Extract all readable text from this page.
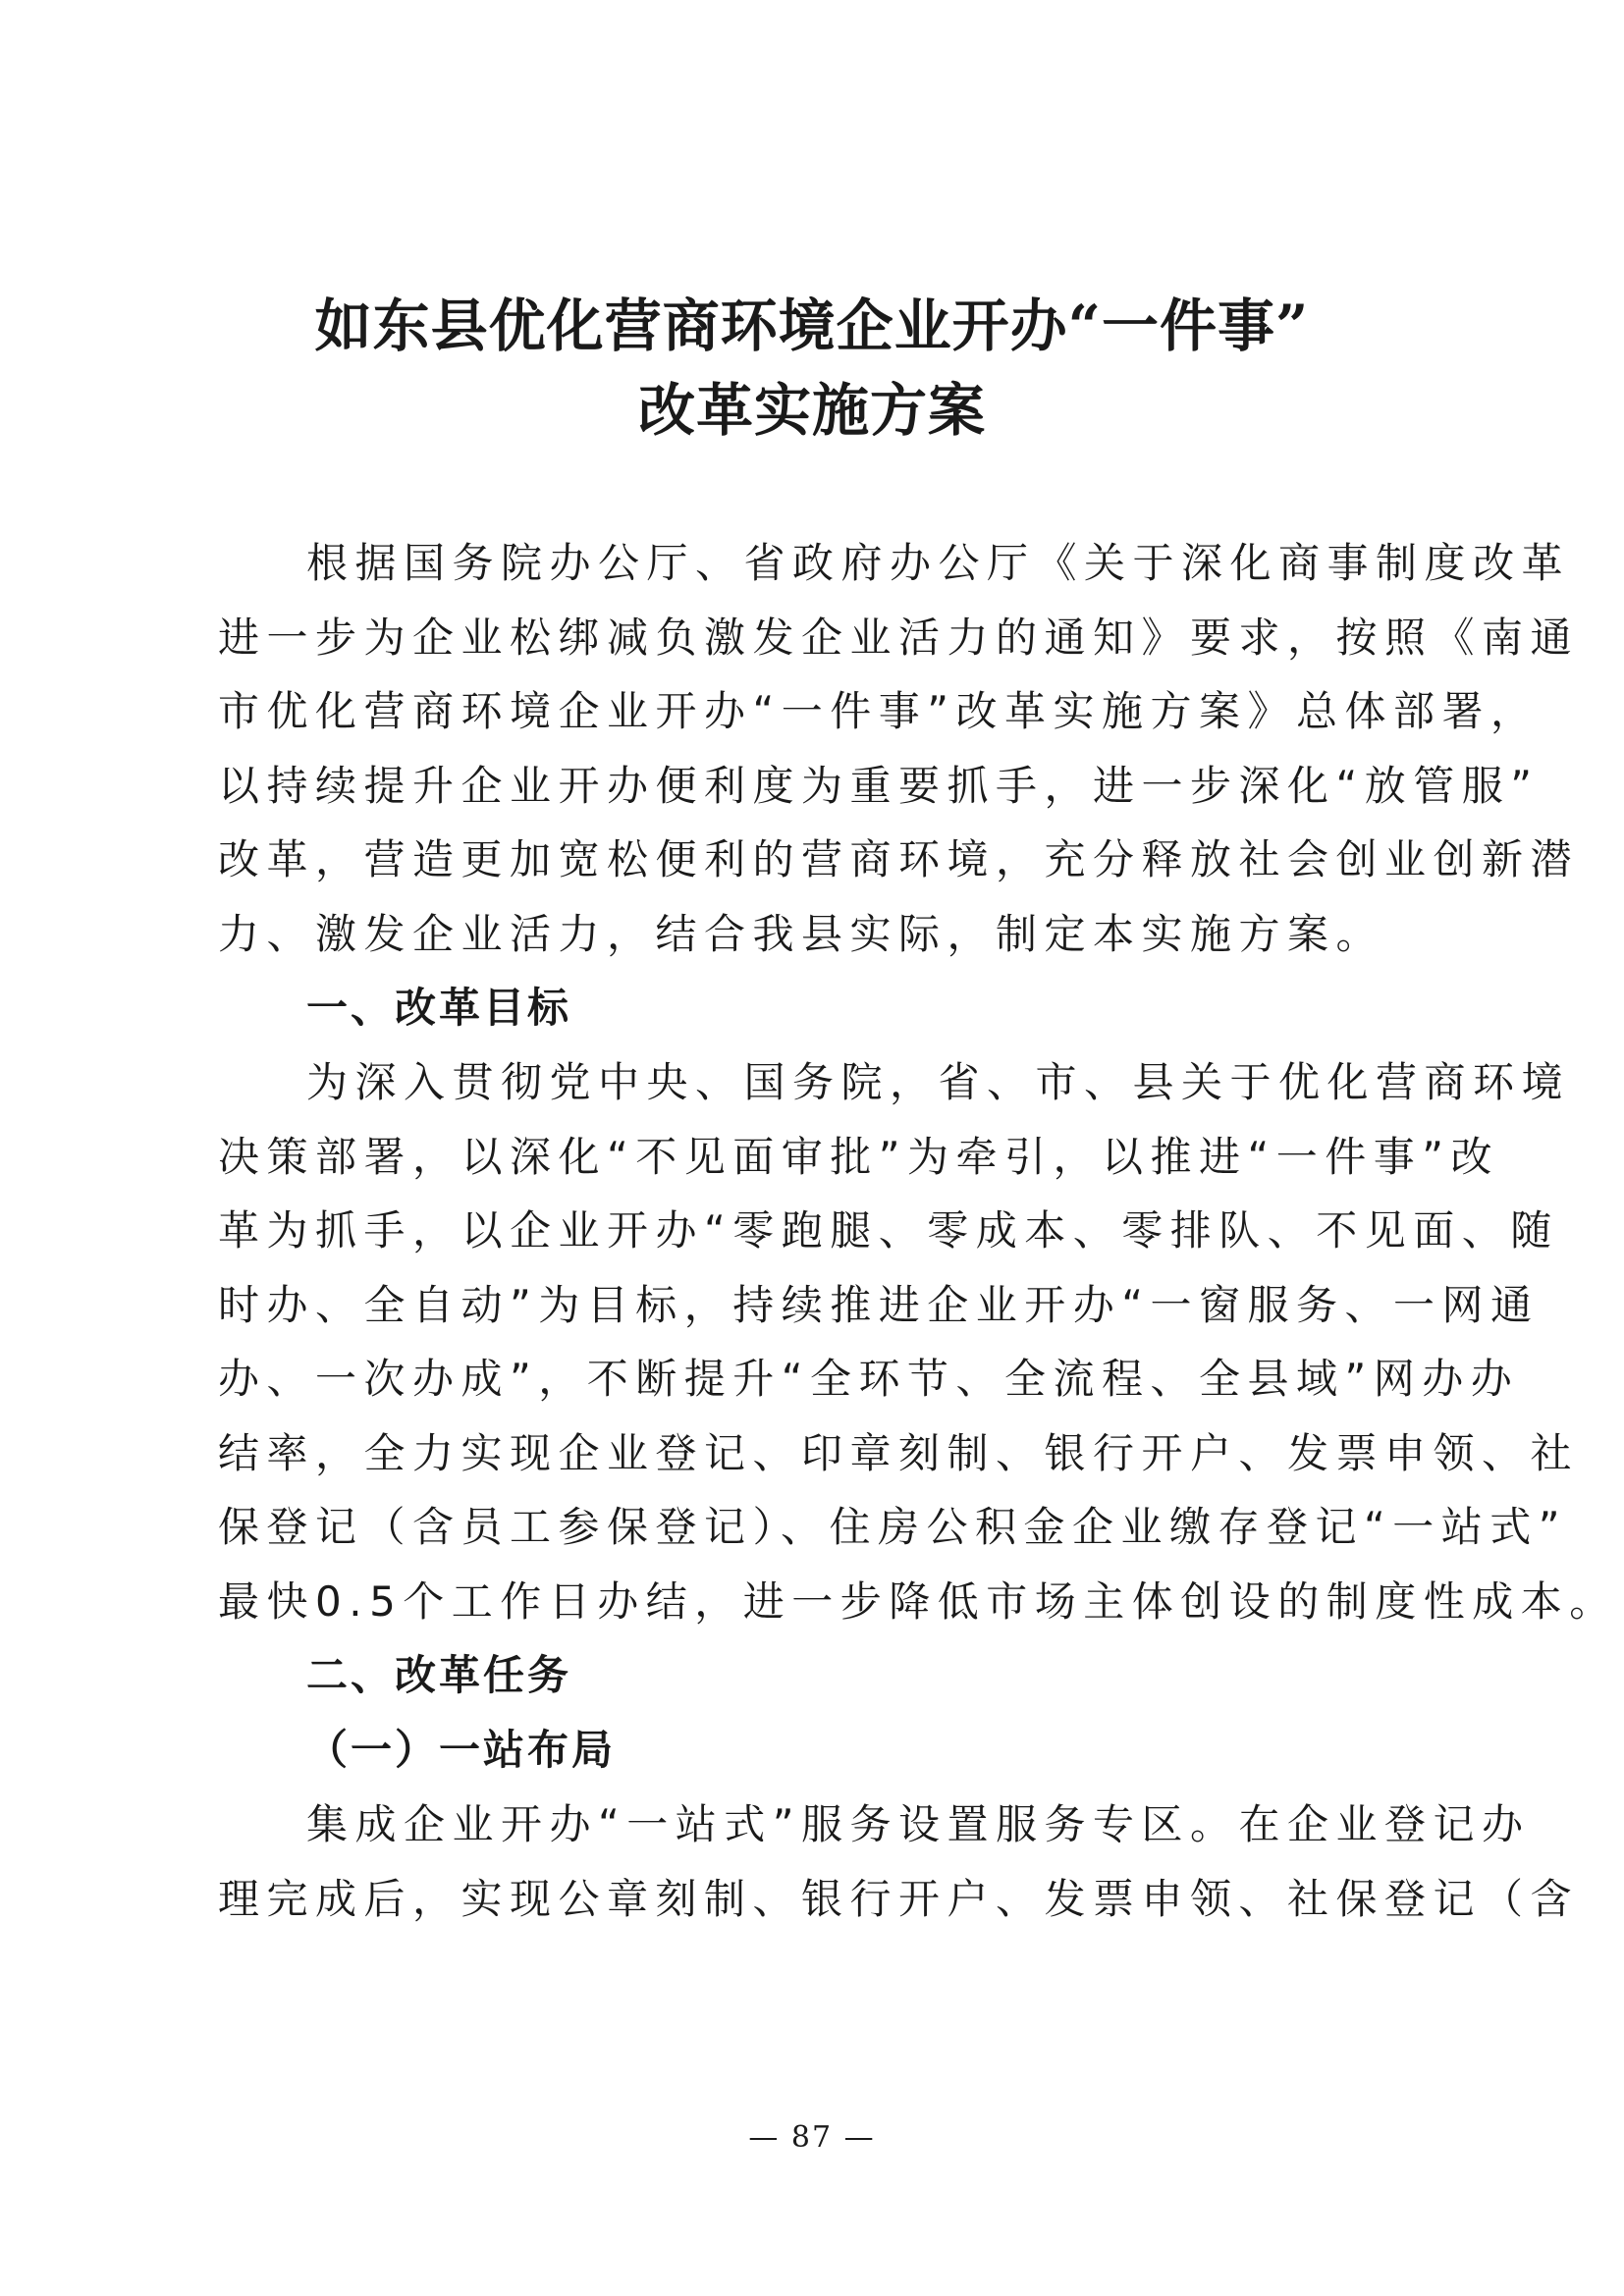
如东县优化营商环境企业开办“一件事”
改革实施方案
根据国务院办公厅、省政府办公厅《关于深化商事制度改革
进一步为企业松绑减负激发企业活力的通知》要求，按照《南通
市优化营商环境企业开办“一件事”改革实施方案》总体部署，
以持续提升企业开办便利度为重要抓手，进一步深化“放管服”
改革，营造更加宽松便利的营商环境，充分释放社会创业创新潜
力、激发企业活力，结合我县实际，制定本实施方案。
一、改革目标
为深入贯彻党中央、国务院，省、市、县关于优化营商环境
决策部署，以深化“不见面审批”为牵引，以推进“一件事”改
革为抓手，以企业开办“零跑腿、零成本、零排队、不见面、随
时办、全自动”为目标，持续推进企业开办“一窗服务、一网通
办、一次办成”，不断提升“全环节、全流程、全县域”网办办
结率，全力实现企业登记、印章刻制、银行开户、发票申领、社
保登记（含员工参保登记）、住房公积金企业缴存登记“一站式”
最快0.5个工作日办结，进一步降低市场主体创设的制度性成本。
二、改革任务
（一）一站布局
集成企业开办“一站式”服务设置服务专区。在企业登记办
理完成后，实现公章刻制、银行开户、发票申领、社保登记（含
— 87 —
